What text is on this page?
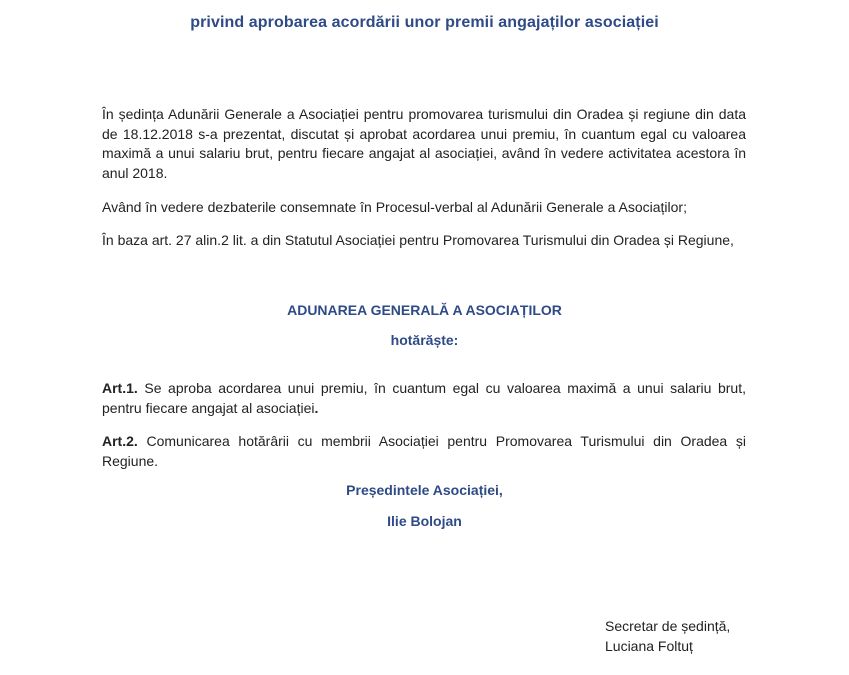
privind aprobarea acordării unor premii angajaților asociației

În ședința Adunării Generale a Asociației pentru promovarea turismului din Oradea și regiune din data de 18.12.2018 s-a prezentat, discutat și aprobat acordarea unui premiu, în cuantum egal cu valoarea maximă a unui salariu brut, pentru fiecare angajat al asociației, având în vedere activitatea acestora în anul 2018.

Având în vedere dezbaterile consemnate în Procesul-verbal al Adunării Generale a Asociaților;

În baza art. 27 alin.2 lit. a din Statutul Asociației pentru Promovarea Turismului din Oradea și Regiune,

ADUNAREA GENERALĂ A ASOCIAȚILOR
hotărăște:

Art.1. Se aproba acordarea unui premiu, în cuantum egal cu valoarea maximă a unui salariu brut, pentru fiecare angajat al asociației.

Art.2. Comunicarea hotărârii cu membrii Asociației pentru Promovarea Turismului din Oradea și Regiune.

Președintele Asociației,
Ilie Bolojan
Secretar de ședință,
Luciana Foltuț
